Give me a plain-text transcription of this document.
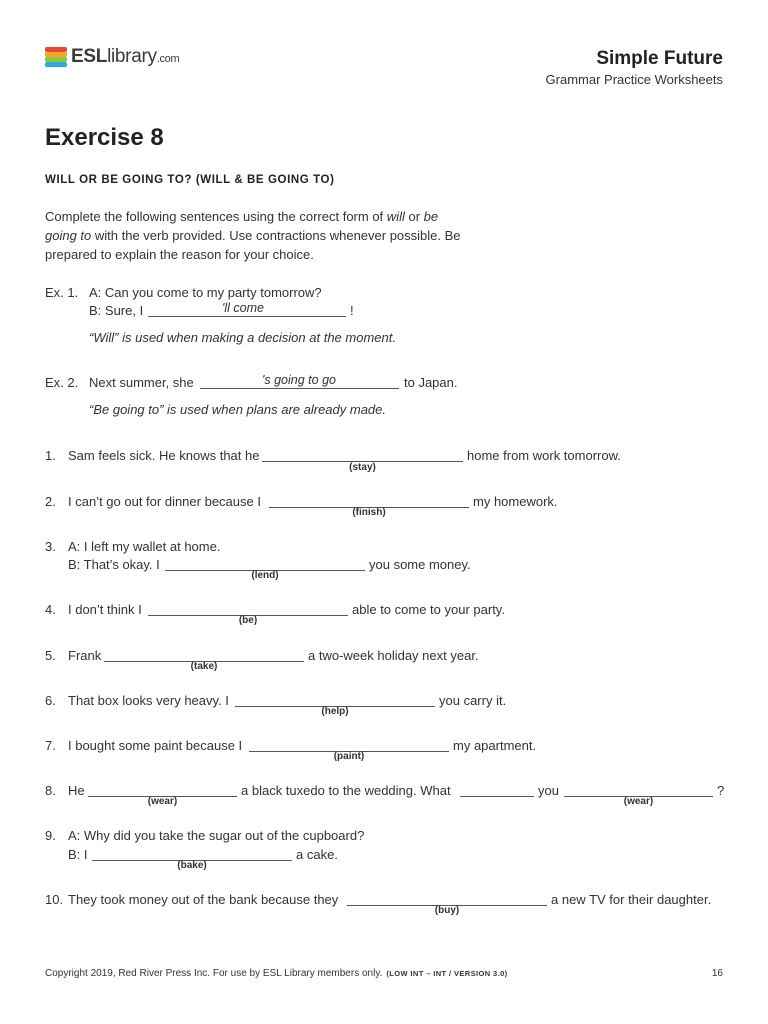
ESLlibrary.com	Simple Future
Grammar Practice Worksheets
Exercise 8
WILL OR BE GOING TO? (WILL & BE GOING TO)
Complete the following sentences using the correct form of will or be going to with the verb provided. Use contractions whenever possible. Be prepared to explain the reason for your choice.
Ex. 1. A: Can you come to my party tomorrow?
B: Sure, I	'll come	!
“Will” is used when making a decision at the moment.
Ex. 2. Next summer, she	's going to go	to Japan.
“Be going to” is used when plans are already made.
1. Sam feels sick. He knows that he	home from work tomorrow.
(stay)
2. I can’t go out for dinner because I	my homework.
(finish)
3. A: I left my wallet at home.
B: That’s okay. I	you some money.
(lend)
4. I don’t think I	able to come to your party.
(be)
5. Frank	a two-week holiday next year.
(take)
6. That box looks very heavy. I	you carry it.
(help)
7. I bought some paint because I	my apartment.
(paint)
8. He
(wear)
a black tuxedo to the wedding. What	you
(wear)
?
9. A: Why did you take the sugar out of the cupboard?
B: I	a cake.
(bake)
10. They took money out of the bank because they	a new TV for their daughter.
(buy)
Copyright 2019, Red River Press Inc. For use by ESL Library members only. (LOW INT – INT / VERSION 3.0)	16
